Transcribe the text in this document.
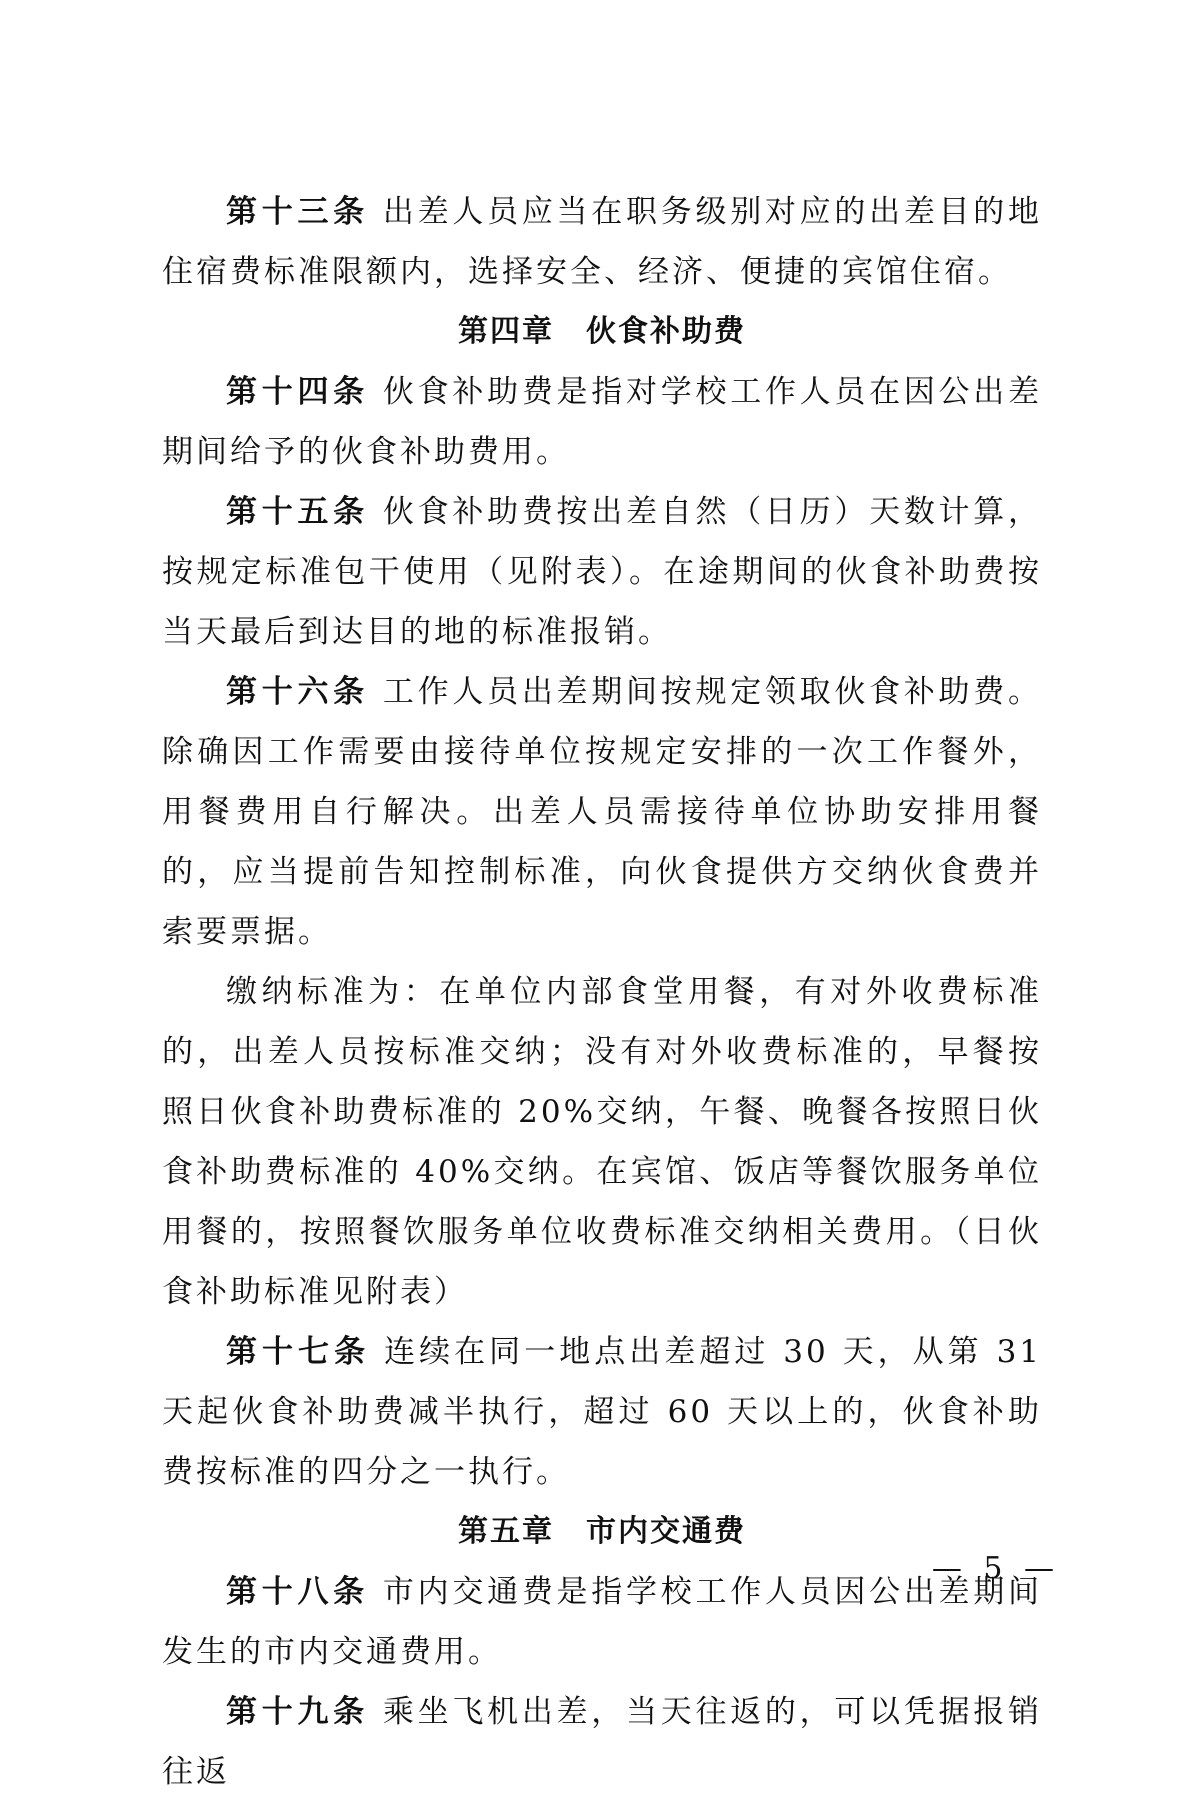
第十三条 出差人员应当在职务级别对应的出差目的地住宿费标准限额内，选择安全、经济、便捷的宾馆住宿。

第四章　伙食补助费

第十四条 伙食补助费是指对学校工作人员在因公出差期间给予的伙食补助费用。

第十五条 伙食补助费按出差自然（日历）天数计算，按规定标准包干使用（见附表）。在途期间的伙食补助费按当天最后到达目的地的标准报销。

第十六条 工作人员出差期间按规定领取伙食补助费。除确因工作需要由接待单位按规定安排的一次工作餐外，用餐费用自行解决。出差人员需接待单位协助安排用餐的，应当提前告知控制标准，向伙食提供方交纳伙食费并索要票据。

缴纳标准为：在单位内部食堂用餐，有对外收费标准的，出差人员按标准交纳；没有对外收费标准的，早餐按照日伙食补助费标准的 20%交纳，午餐、晚餐各按照日伙食补助费标准的 40%交纳。在宾馆、饭店等餐饮服务单位用餐的，按照餐饮服务单位收费标准交纳相关费用。（日伙食补助标准见附表）

第十七条 连续在同一地点出差超过 30 天，从第 31 天起伙食补助费减半执行，超过 60 天以上的，伙食补助费按标准的四分之一执行。

第五章　市内交通费

第十八条 市内交通费是指学校工作人员因公出差期间发生的市内交通费用。

第十九条 乘坐飞机出差，当天往返的，可以凭据报销往返

— 5 —
